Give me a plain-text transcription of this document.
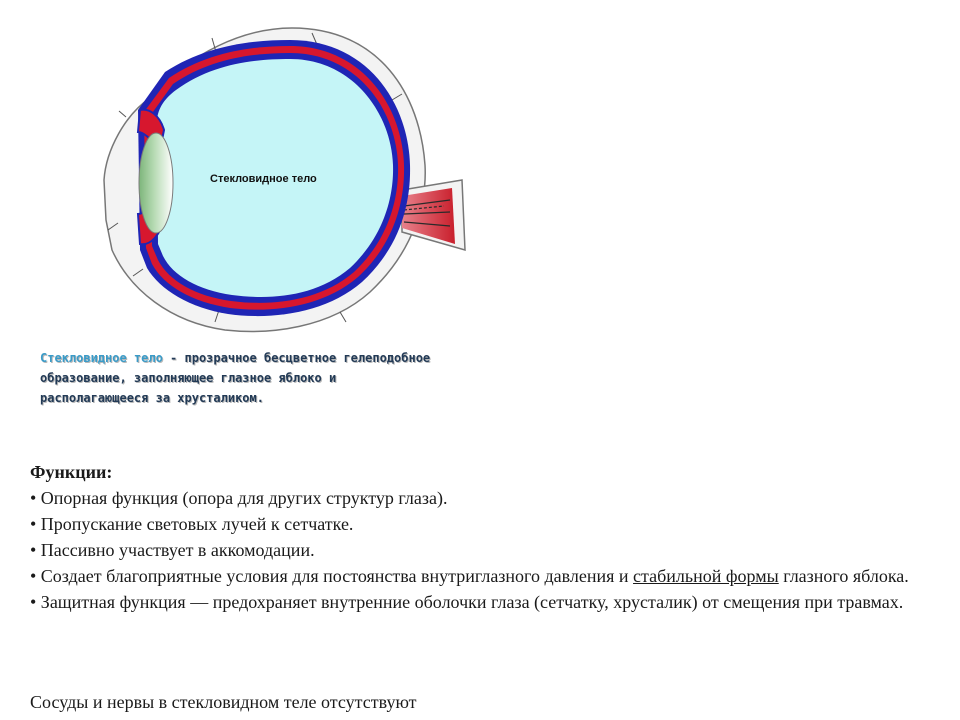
Стекловидное тело
Стекловидное тело - прозрачное бесцветное гелеподобное
образование, заполняющее глазное яблоко и
располагающееся за хрусталиком.
Функции:
• Опорная функция (опора для других структур глаза).
• Пропускание световых лучей к сетчатке.
• Пассивно участвует в аккомодации.
• Создает благоприятные условия для постоянства внутриглазного давления и стабильной формы глазного яблока.
• Защитная функция — предохраняет внутренние оболочки глаза (сетчатку, хрусталик) от смещения при травмах.
Сосуды и нервы в стекловидном теле отсутствуют
